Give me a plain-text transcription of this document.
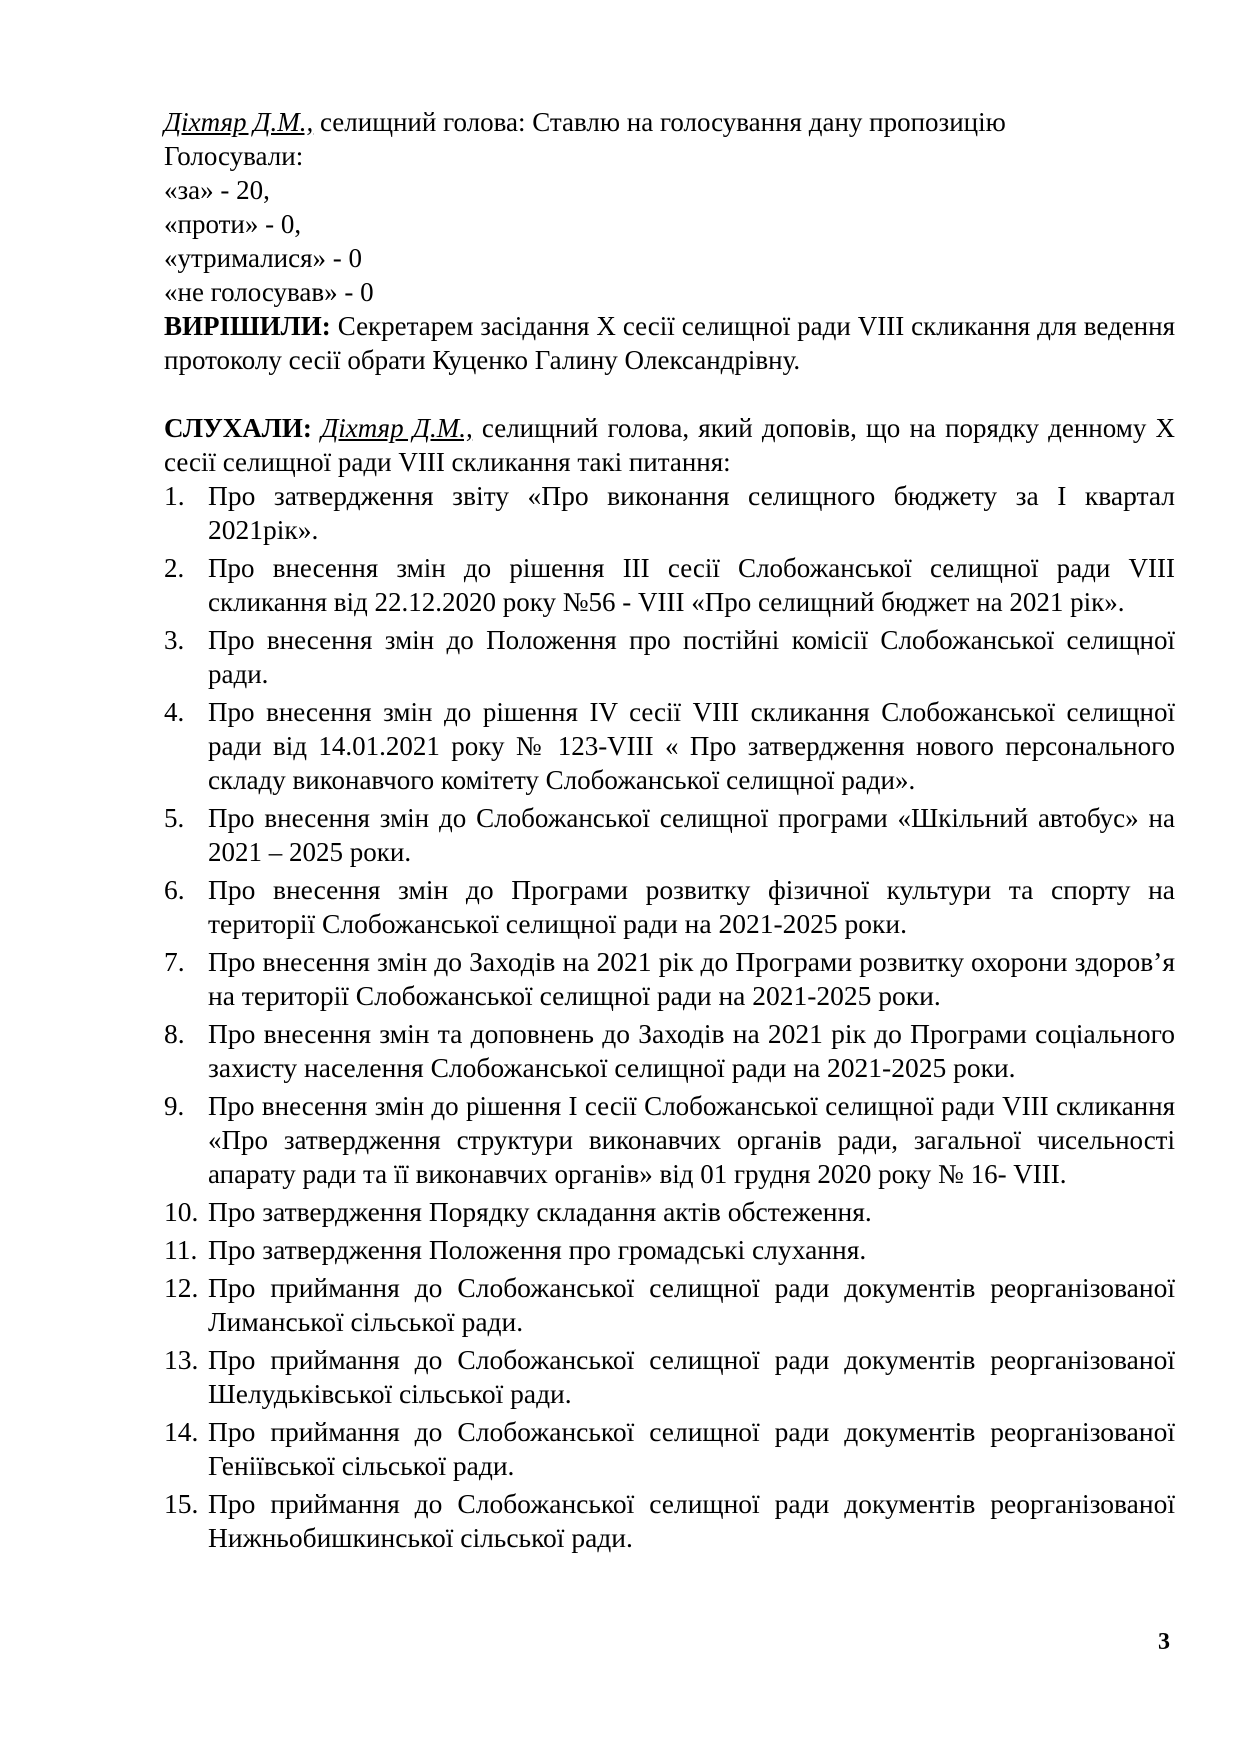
Діхтяр Д.М., селищний голова: Ставлю на голосування дану пропозицію

Голосували:

«за» - 20,

«проти» - 0,

«утрималися» - 0

«не голосував» - 0

ВИРІШИЛИ: Секретарем засідання Х сесії селищної ради VІІІ скликання для ведення протоколу сесії обрати Куценко Галину Олександрівну.

СЛУХАЛИ: Діхтяр Д.М., селищний голова, який доповів, що на порядку денному Х сесії селищної ради VІІІ скликання такі питання:

1. Про затвердження звіту «Про виконання селищного бюджету за І квартал 2021рік».
2. Про внесення змін до рішення ІІІ сесії Слобожанської селищної ради VІІІ скликання від 22.12.2020 року №56 - VІІІ «Про селищний бюджет на 2021 рік».
3. Про внесення змін до Положення про постійні комісії Слобожанської селищної ради.
4. Про внесення змін до рішення IV сесії VІІІ скликання Слобожанської селищної ради від 14.01.2021 року № 123-VІІІ « Про затвердження нового персонального складу виконавчого комітету Слобожанської селищної ради».
5. Про внесення змін до Слобожанської селищної програми «Шкільний автобус» на 2021 – 2025 роки.
6. Про внесення змін до Програми розвитку фізичної культури та спорту на території Слобожанської селищної ради на 2021-2025 роки.
7. Про внесення змін до Заходів на 2021 рік до Програми розвитку охорони здоров’я на території Слобожанської селищної ради на 2021-2025 роки.
8. Про внесення змін та доповнень до Заходів на 2021 рік до Програми соціального захисту населення Слобожанської селищної ради на 2021-2025 роки.
9. Про внесення змін до рішення І сесії Слобожанської селищної ради VІІІ скликання «Про затвердження структури виконавчих органів ради, загальної чисельності апарату ради та її виконавчих органів» від 01 грудня 2020 року № 16- VІІІ.
10. Про затвердження Порядку складання актів обстеження.
11. Про затвердження Положення про громадські слухання.
12. Про приймання до Слобожанської селищної ради документів реорганізованої Лиманської сільської ради.
13. Про приймання до Слобожанської селищної ради документів реорганізованої Шелудьківської сільської ради.
14. Про приймання до Слобожанської селищної ради документів реорганізованої Геніївської сільської ради.
15. Про приймання до Слобожанської селищної ради документів реорганізованої Нижньобишкинської сільської ради.
3
